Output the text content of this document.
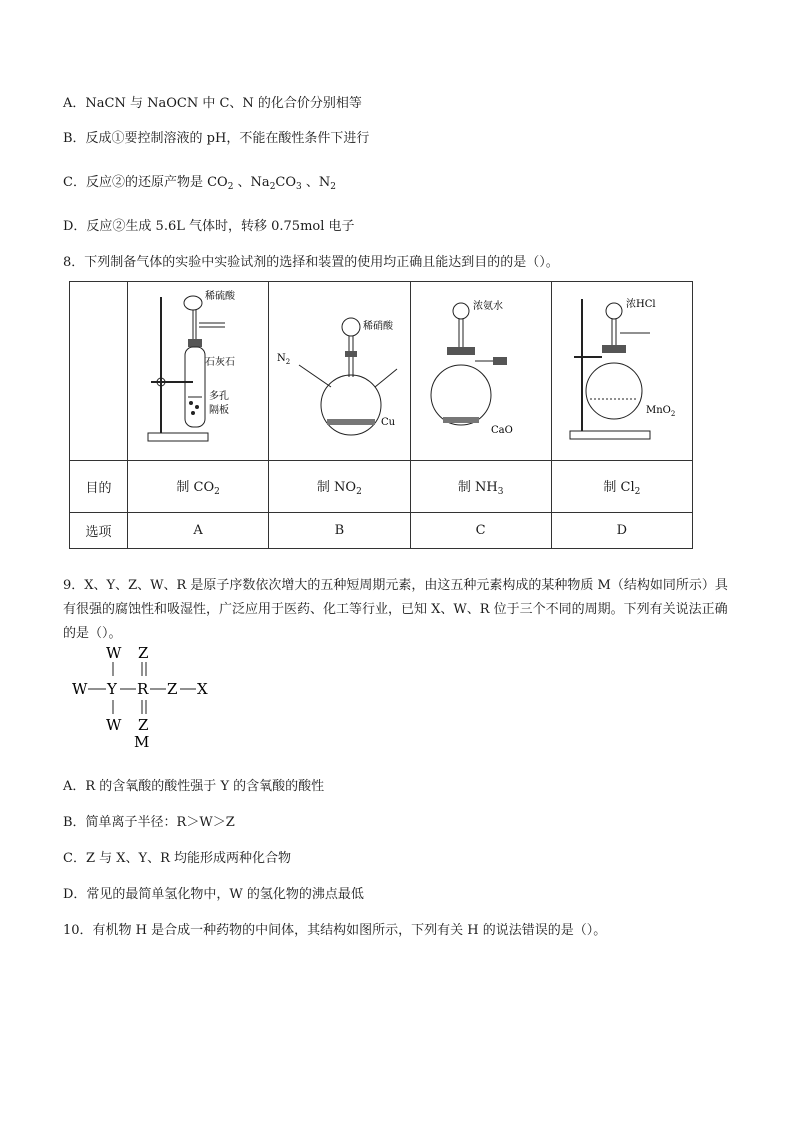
A．NaCN 与 NaOCN 中 C、N 的化合价分别相等
B．反成①要控制溶液的 pH，不能在酸性条件下进行
C．反应②的还原产物是 $CO_2$ 、$Na_2CO_3$ 、$N_2$
D．反应②生成 5.6L 气体时，转移 0.75mol 电子
8．下列制备气体的实验中实验试剂的选择和装置的使用均正确且能达到目的的是（）。

稀硫酸
石灰石
多孔
隔板	稀硝酸
$N_2$
Cu	浓氨水
CaO	浓HCl
MnO$_2$

目的	制 $CO_2$	制 $NO_2$	制 $NH_3$	制 $Cl_2$
选项	A	B	C	D
9．X、Y、Z、W、R 是原子序数依次增大的五种短周期元素，由这五种元素构成的某种物质 M（结构如同所示）具有很强的腐蚀性和吸湿性，广泛应用于医药、化工等行业，已知 X、W、R 位于三个不同的周期。下列有关说法正确的是（）。
W Z
W Y R Z X
W Z
M
A．R 的含氧酸的酸性强于 Y 的含氧酸的酸性
B．简单离子半径：R＞W＞Z
C．Z 与 X、Y、R 均能形成两种化合物
D．常见的最简单氢化物中，W 的氢化物的沸点最低
10．有机物 H 是合成一种药物的中间体，其结构如图所示，下列有关 H 的说法错误的是（）。
